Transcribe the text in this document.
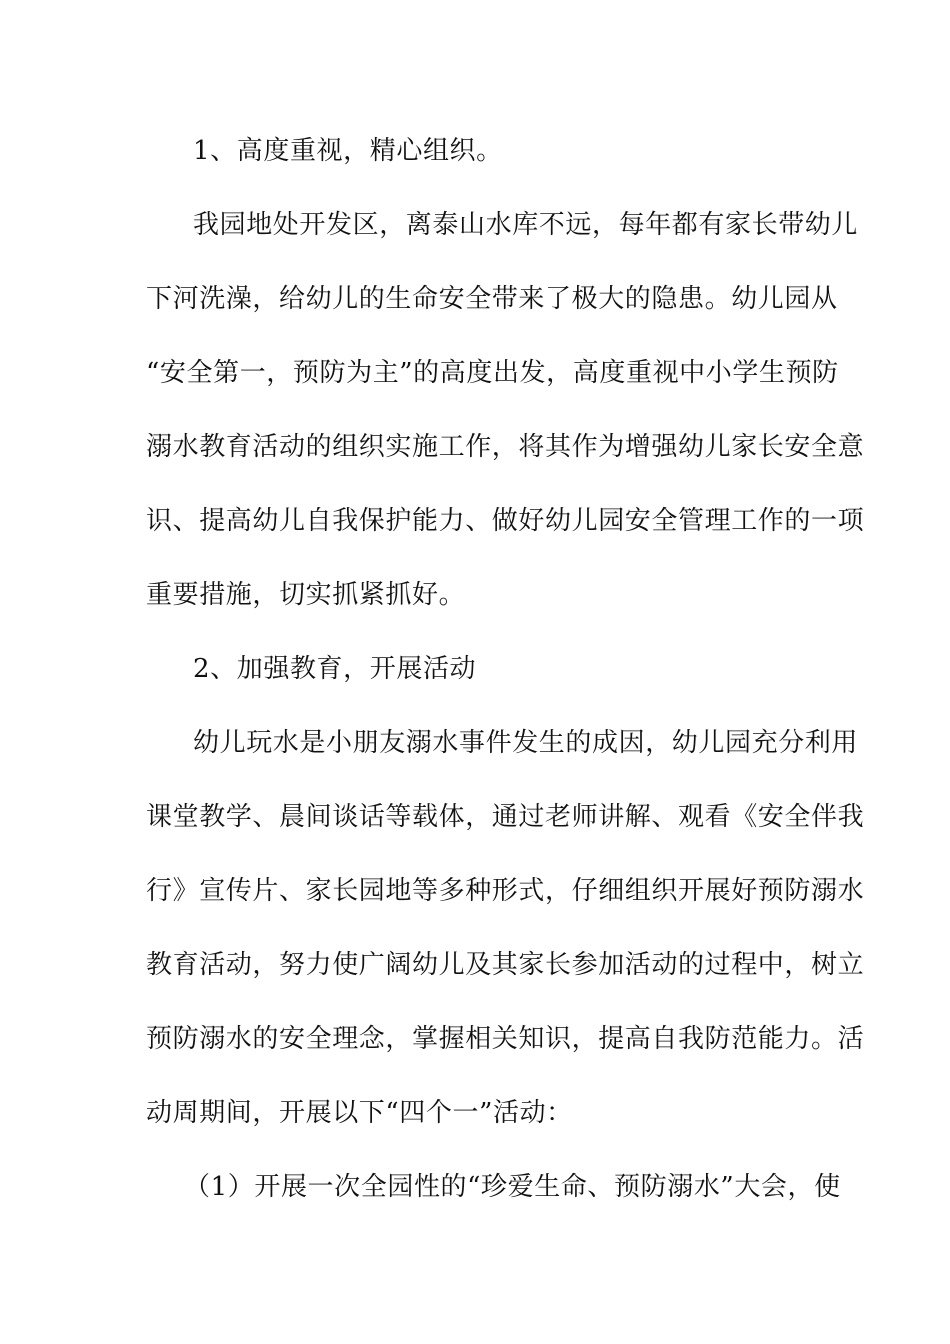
1、高度重视，精心组织。
我园地处开发区，离泰山水库不远，每年都有家长带幼儿
下河洗澡，给幼儿的生命安全带来了极大的隐患。幼儿园从
“安全第一，预防为主”的高度出发，高度重视中小学生预防
溺水教育活动的组织实施工作，将其作为增强幼儿家长安全意
识、提高幼儿自我保护能力、做好幼儿园安全管理工作的一项
重要措施，切实抓紧抓好。
2、加强教育，开展活动
幼儿玩水是小朋友溺水事件发生的成因，幼儿园充分利用
课堂教学、晨间谈话等载体，通过老师讲解、观看《安全伴我
行》宣传片、家长园地等多种形式，仔细组织开展好预防溺水
教育活动，努力使广阔幼儿及其家长参加活动的过程中，树立
预防溺水的安全理念，掌握相关知识，提高自我防范能力。活
动周期间，开展以下“四个一”活动：
（1）开展一次全园性的“珍爱生命、预防溺水”大会，使
